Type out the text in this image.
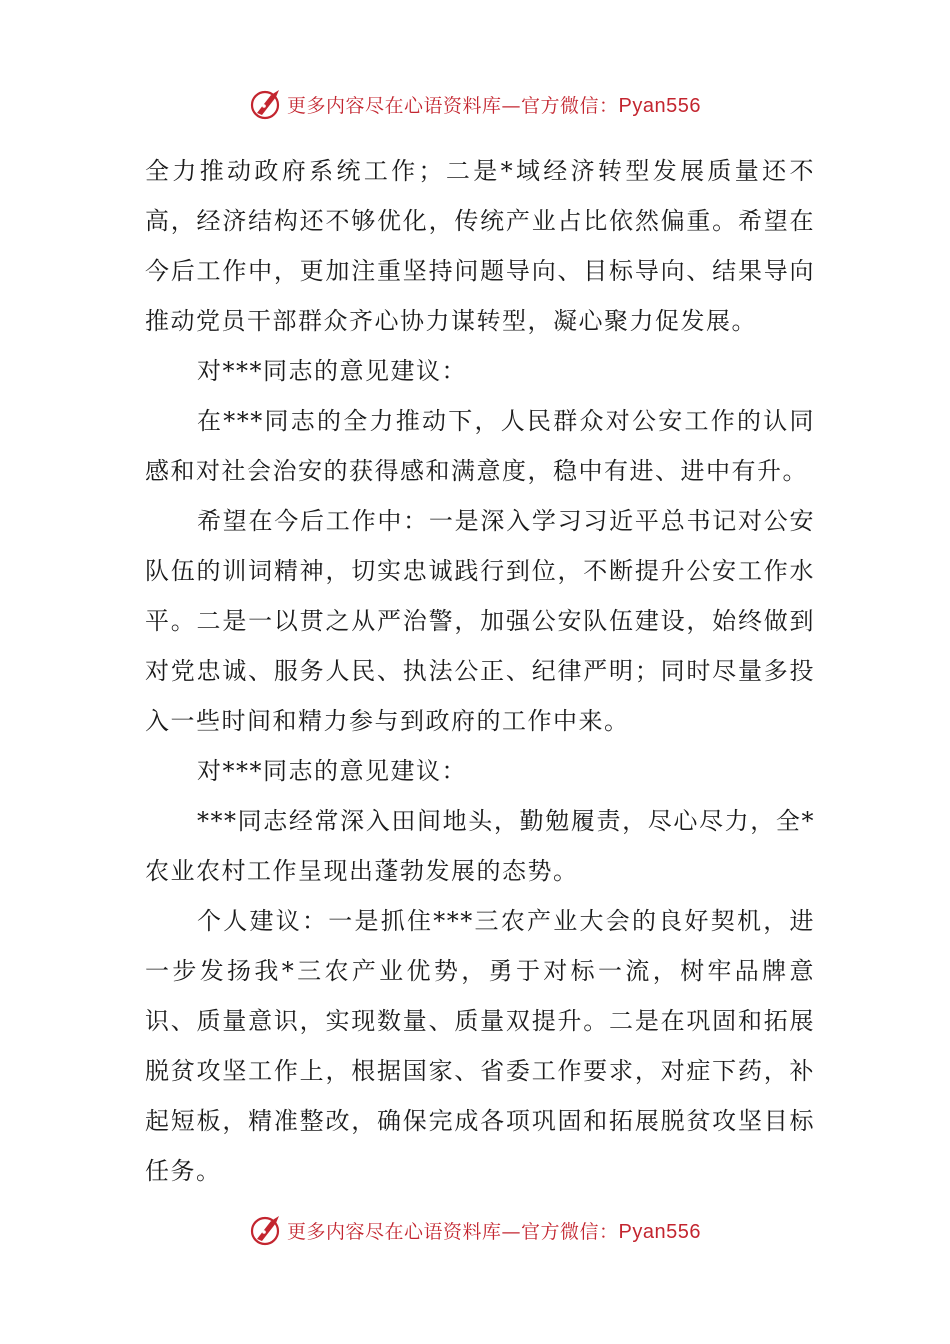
更多内容尽在心语资料库—官方微信：Pyan556

全力推动政府系统工作；二是*域经济转型发展质量还不高，经济结构还不够优化，传统产业占比依然偏重。希望在今后工作中，更加注重坚持问题导向、目标导向、结果导向推动党员干部群众齐心协力谋转型，凝心聚力促发展。

对***同志的意见建议：

在***同志的全力推动下，人民群众对公安工作的认同感和对社会治安的获得感和满意度，稳中有进、进中有升。

希望在今后工作中：一是深入学习习近平总书记对公安队伍的训词精神，切实忠诚践行到位，不断提升公安工作水平。二是一以贯之从严治警，加强公安队伍建设，始终做到对党忠诚、服务人民、执法公正、纪律严明；同时尽量多投入一些时间和精力参与到政府的工作中来。

对***同志的意见建议：

***同志经常深入田间地头，勤勉履责，尽心尽力，全*农业农村工作呈现出蓬勃发展的态势。

个人建议：一是抓住***三农产业大会的良好契机，进一步发扬我*三农产业优势，勇于对标一流，树牢品牌意识、质量意识，实现数量、质量双提升。二是在巩固和拓展脱贫攻坚工作上，根据国家、省委工作要求，对症下药，补起短板，精准整改，确保完成各项巩固和拓展脱贫攻坚目标任务。

更多内容尽在心语资料库—官方微信：Pyan556
